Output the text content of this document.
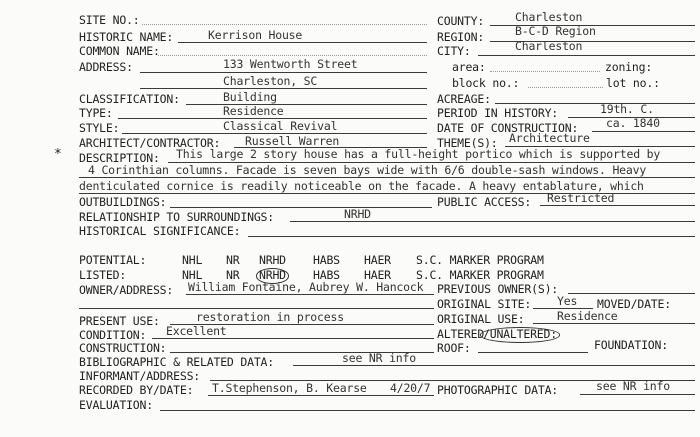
SITE NO.:
HISTORIC NAME:	Kerrison House
COMMON NAME:
ADDRESS:	133 Wentworth Street
Charleston, SC
CLASSIFICATION:	Building
TYPE:	Residence
STYLE:	Classical Revival
ARCHITECT/CONTRACTOR: Russell Warren
COUNTY:	Charleston
REGION:	B-C-D Region
CITY:	Charleston
area:	zoning:
block no.:	lot no.:
ACREAGE:
PERIOD IN HISTORY:	19th. C.
DATE OF CONSTRUCTION: ca. 1840
THEME(S): Architecture
* DESCRIPTION: This large 2 story house has a full-height portico which is supported by
4 Corinthian columns. Facade is seven bays wide with 6/6 double-sash windows. Heavy
denticulated cornice is readily noticeable on the facade. A heavy entablature, which
OUTBUILDINGS:	PUBLIC ACCESS: Restricted
RELATIONSHIP TO SURROUNDINGS:	NRHD
HISTORICAL SIGNIFICANCE:
POTENTIAL:	NHL NR NRHD HABS HAER S.C. MARKER PROGRAM
LISTED:	NHL NR NRHD HABS HAER S.C. MARKER PROGRAM
OWNER/ADDRESS: William Fontaine, Aubrey W. Hancock PREVIOUS OWNER(S):
ORIGINAL SITE: Yes MOVED/DATE:
PRESENT USE:	restoration in process	ORIGINAL USE:	Residence
CONDITION: Excellent	ALTERED
/UNALTERED:
CONSTRUCTION:	ROOF:	FOUNDATION:
BIBLIOGRAPHIC & RELATED DATA:	see NR info
INFORMANT/ADDRESS:
RECORDED BY/DATE: T.Stephenson, B. Kearse 4/20/7 PHOTOGRAPHIC DATA:	see NR info
EVALUATION:
